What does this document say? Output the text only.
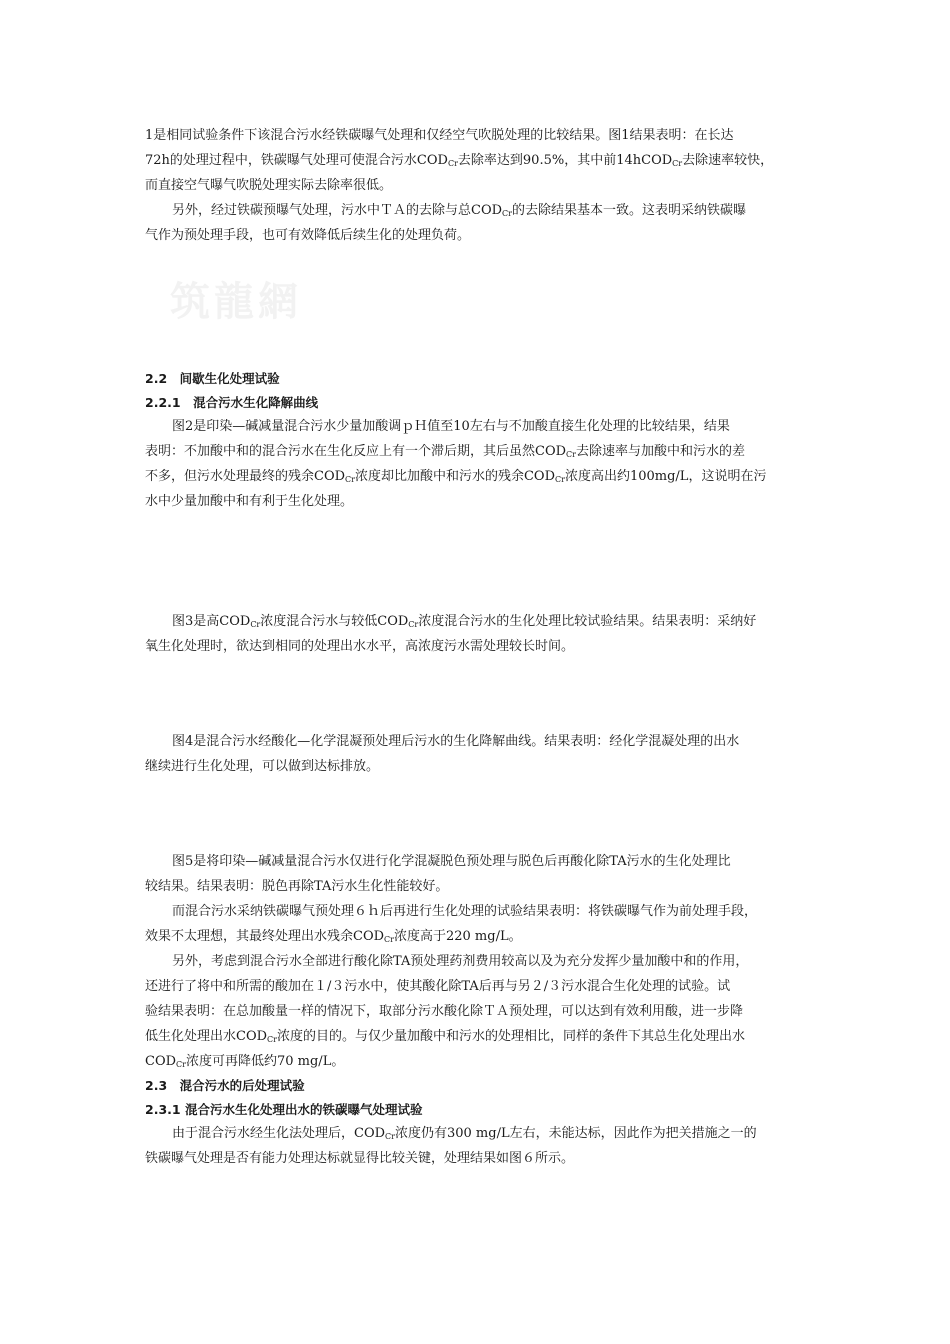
筑龍網
1是相同试验条件下该混合污水经铁碳曝气处理和仅经空气吹脱处理的比较结果。图1结果表明：在长达
72h的处理过程中，铁碳曝气处理可使混合污水$COD_{Cr}$去除率达到90.5%，其中前14hCOD$_{Cr}$去除速率较快，
而直接空气曝气吹脱处理实际去除率很低。
另外，经过铁碳预曝气处理，污水中ＴＡ的去除与总$COD_{Cr}$的去除结果基本一致。这表明采纳铁碳曝
气作为预处理手段，也可有效降低后续生化的处理负荷。
2.2　间歇生化处理试验
2.2.1　混合污水生化降解曲线
图2是印染—碱减量混合污水少量加酸调ｐＨ值至10左右与不加酸直接生化处理的比较结果，结果
表明：不加酸中和的混合污水在生化反应上有一个滞后期，其后虽然$COD_{Cr}$去除速率与加酸中和污水的差
不多，但污水处理最终的残余$COD_{Cr}$浓度却比加酸中和污水的残余$COD_{Cr}$浓度高出约100mg/L，这说明在污
水中少量加酸中和有利于生化处理。
图3是高$COD_{Cr}$浓度混合污水与较低$COD_{Cr}$浓度混合污水的生化处理比较试验结果。结果表明：采纳好
氧生化处理时，欲达到相同的处理出水水平，高浓度污水需处理较长时间。
图4是混合污水经酸化—化学混凝预处理后污水的生化降解曲线。结果表明：经化学混凝处理的出水
继续进行生化处理，可以做到达标排放。
图5是将印染—碱减量混合污水仅进行化学混凝脱色预处理与脱色后再酸化除TA污水的生化处理比
较结果。结果表明：脱色再除TA污水生化性能较好。
而混合污水采纳铁碳曝气预处理６ｈ后再进行生化处理的试验结果表明：将铁碳曝气作为前处理手段，
效果不太理想，其最终处理出水残余$COD_{Cr}$浓度高于220 mg/L。
另外，考虑到混合污水全部进行酸化除TA预处理药剂费用较高以及为充分发挥少量加酸中和的作用，
还进行了将中和所需的酸加在１/３污水中，使其酸化除TA后再与另２/３污水混合生化处理的试验。试
验结果表明：在总加酸量一样的情况下，取部分污水酸化除ＴＡ预处理，可以达到有效利用酸，进一步降
低生化处理出水$COD_{Cr}$浓度的目的。与仅少量加酸中和污水的处理相比，同样的条件下其总生化处理出水
$COD_{Cr}$浓度可再降低约70 mg/L。
2.3　混合污水的后处理试验
2.3.1 混合污水生化处理出水的铁碳曝气处理试验
由于混合污水经生化法处理后，$COD_{Cr}$浓度仍有300 mg/L左右，未能达标，因此作为把关措施之一的
铁碳曝气处理是否有能力处理达标就显得比较关键，处理结果如图６所示。
